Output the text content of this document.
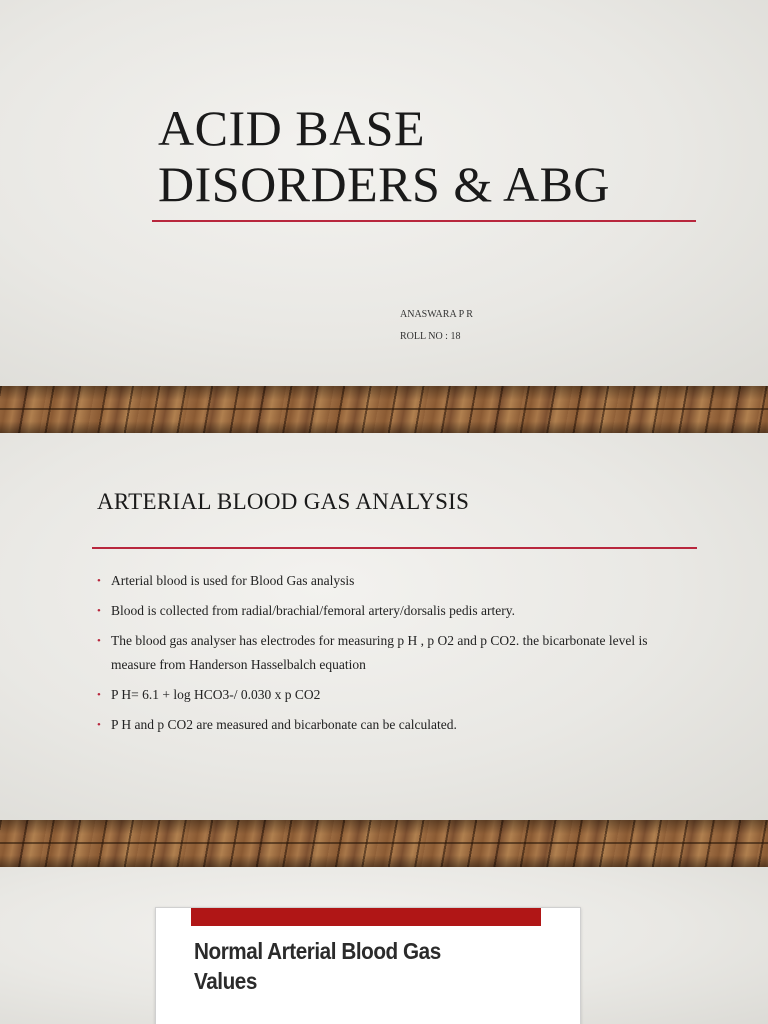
ACID BASE DISORDERS & ABG
ANASWARA P R
ROLL NO : 18
ARTERIAL BLOOD GAS ANALYSIS
• Arterial blood is used for Blood Gas analysis
• Blood is collected from radial/brachial/femoral artery/dorsalis pedis artery.
• The blood gas analyser has electrodes for measuring p H , p O2 and p CO2. the bicarbonate level is measure from Handerson Hasselbalch equation
• P H= 6.1 + log HCO3-/ 0.030 x p CO2
• P H and p CO2 are measured and bicarbonate can be calculated.
Normal Arterial Blood Gas Values
